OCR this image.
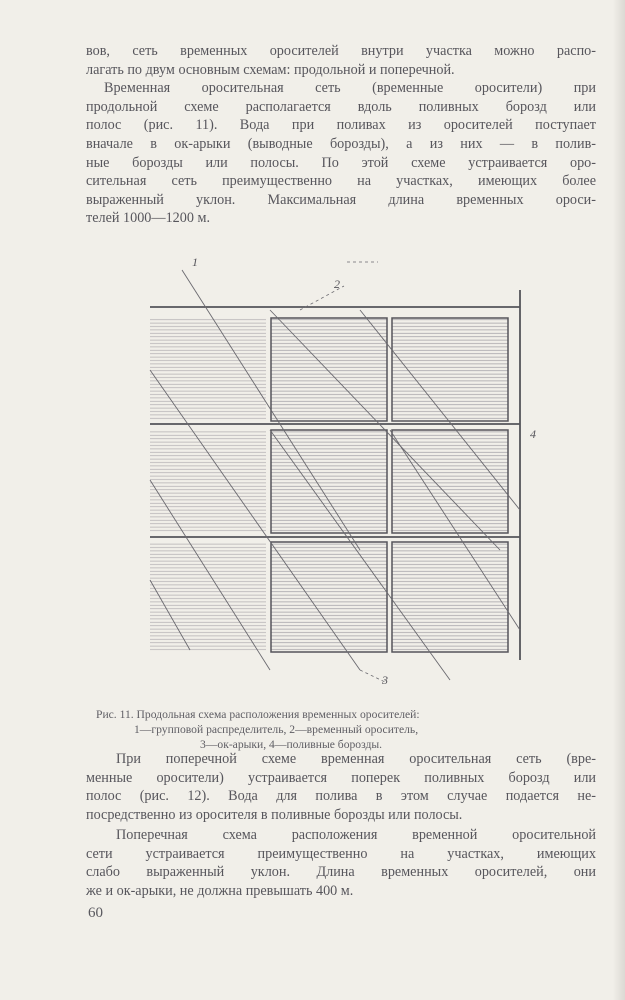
вов, сеть временных оросителей внутри участка можно распо-
лагать по двум основным схемам: продольной и поперечной.
Временная оросительная сеть (временные оросители) при
продольной схеме располагается вдоль поливных борозд или
полос (рис. 11). Вода при поливах из оросителей поступает
вначале в ок-арыки (выводные борозды), а из них — в полив-
ные борозды или полосы. По этой схеме устраивается оро-
сительная сеть преимущественно на участках, имеющих более
выраженный уклон. Максимальная длина временных ороси-
телей 1000—1200 м.
1
2
3
4
Рис. 11. Продольная схема расположения временных оросителей:
1—групповой распределитель, 2—временный ороситель,
3—ок-арыки, 4—поливные борозды.
При поперечной схеме временная оросительная сеть (вре-
менные оросители) устраивается поперек поливных борозд или
полос (рис. 12). Вода для полива в этом случае подается не-
посредственно из оросителя в поливные борозды или полосы.
Поперечная схема расположения временной оросительной
сети устраивается преимущественно на участках, имеющих
слабо выраженный уклон. Длина временных оросителей, они
же и ок-арыки, не должна превышать 400 м.
60
